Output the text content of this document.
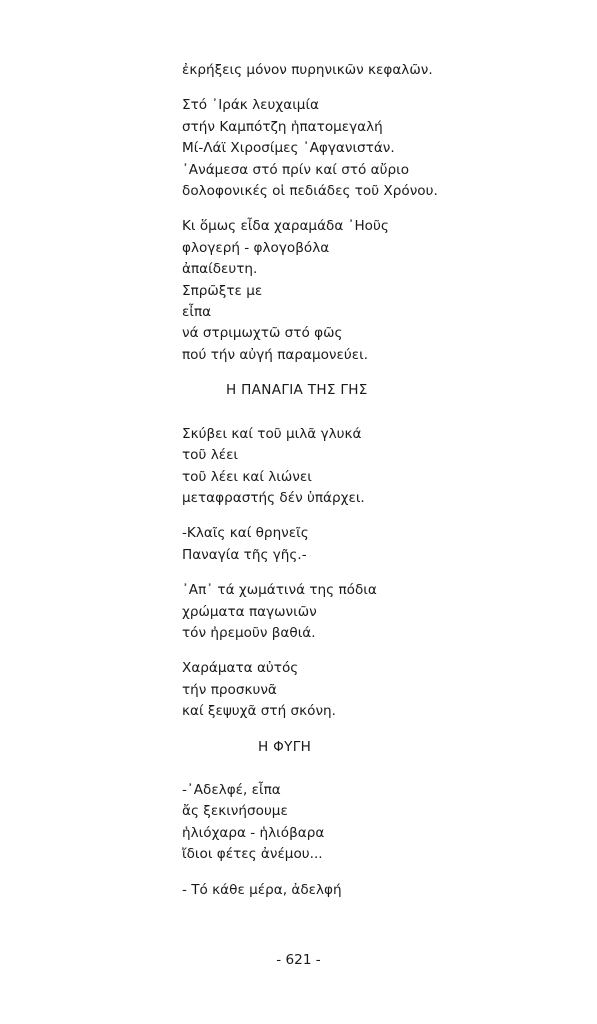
ἐκρήξεις μόνον πυρηνικῶν κεφαλῶν.
Στό ᾽Ιράκ λευχαιμία
στήν Καμπότζη ἡπατομεγαλή
Μί-Λάϊ Χιροσίμες ᾽Αφγανιστάν.
᾽Ανάμεσα στό πρίν καί στό αὔριο
δολοφονικές οἱ πεδιάδες τοῦ Χρόνου.
Κι ὅμως εἶδα χαραμάδα ᾽Ηοῦς
φλογερή - φλογοβόλα
ἀπαίδευτη.
Σπρῶξτε με
εἶπα
νά στριμωχτῶ στό φῶς
πού τήν αὐγή παραμονεύει.
Η ΠΑΝΑΓΙΑ ΤΗΣ ΓΗΣ
Σκύβει καί τοῦ μιλᾶ γλυκά
τοῦ λέει
τοῦ λέει καί λιώνει
μεταφραστής δέν ὑπάρχει.
-Κλαῖς καί θρηνεῖς
Παναγία τῆς γῆς.-
᾽Απ᾽ τά χωμάτινά της πόδια
χρώματα παγωνιῶν
τόν ἠρεμοῦν βαθιά.
Χαράματα αὐτός
τήν προσκυνᾶ
καί ξεψυχᾶ στή σκόνη.
Η ΦΥΓΗ
-᾽Αδελφέ, εἶπα
ἄς ξεκινήσουμε
ἡλιόχαρα - ἡλιόβαρα
ἴδιοι φέτες ἀνέμου...
- Τό κάθε μέρα, ἀδελφή
- 621 -
